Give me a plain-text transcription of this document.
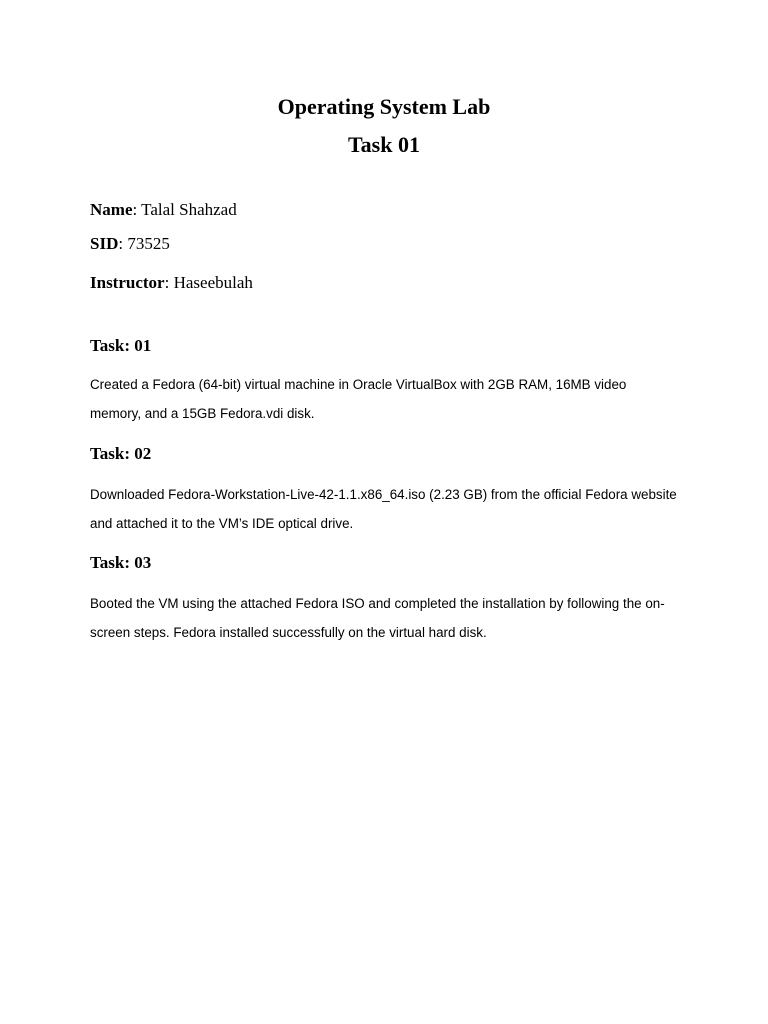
Operating System Lab
Task 01

Name: Talal Shahzad

SID: 73525

Instructor: Haseebulah

Task: 01

Created a Fedora (64-bit) virtual machine in Oracle VirtualBox with 2GB RAM, 16MB video memory, and a 15GB Fedora.vdi disk.

Task: 02

Downloaded Fedora-Workstation-Live-42-1.1.x86_64.iso (2.23 GB) from the official Fedora website and attached it to the VM’s IDE optical drive.

Task: 03

Booted the VM using the attached Fedora ISO and completed the installation by following the on-screen steps. Fedora installed successfully on the virtual hard disk.
